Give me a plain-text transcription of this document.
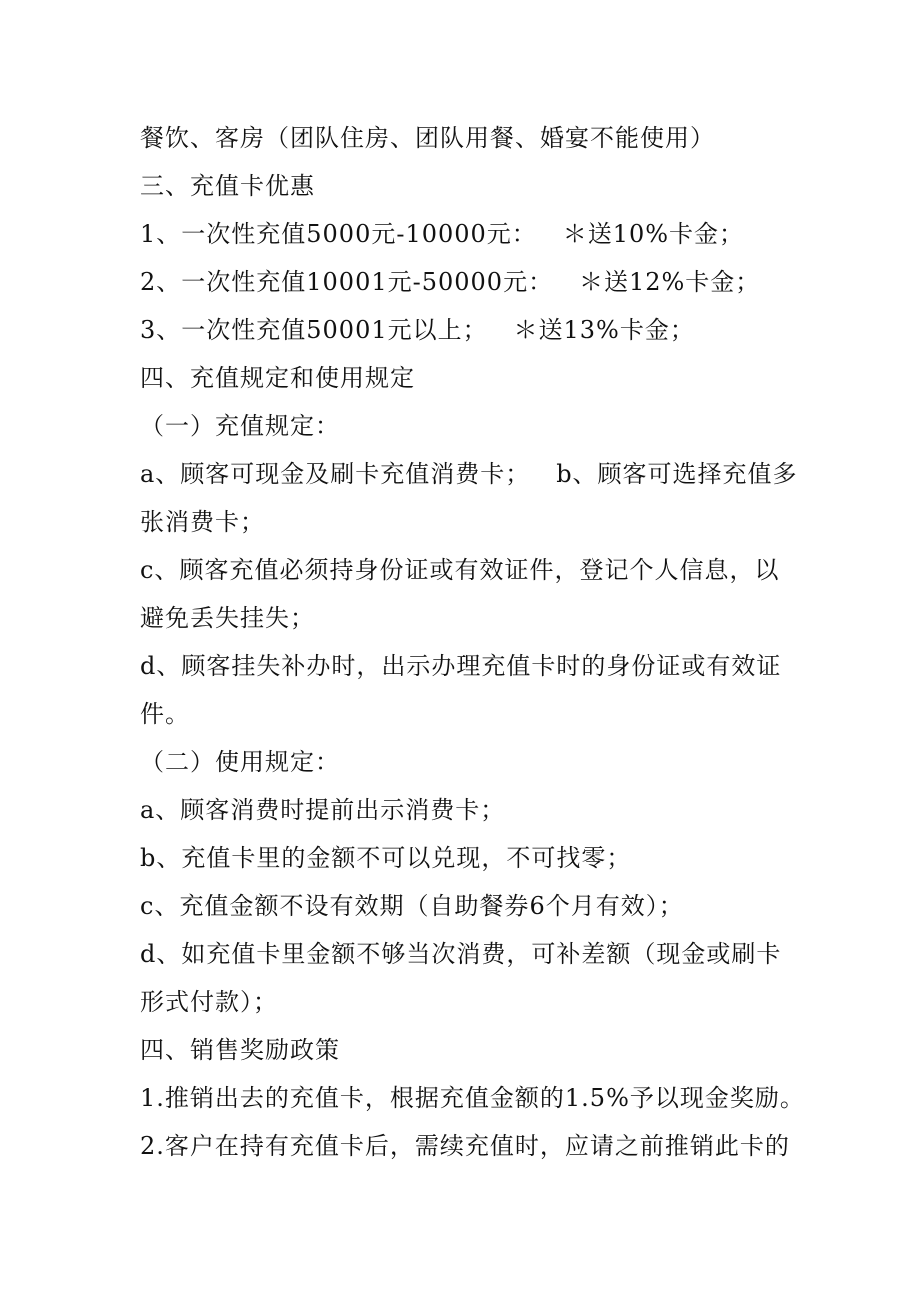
餐饮、客房（团队住房、团队用餐、婚宴不能使用）
三、充值卡优惠
1、一次性充值5000元-10000元：   ＊送10%卡金；
2、一次性充值10001元-50000元：   ＊送12%卡金；
3、一次性充值50001元以上；   ＊送13%卡金；
四、充值规定和使用规定
（一）充值规定：
a、顾客可现金及刷卡充值消费卡；   b、顾客可选择充值多
张消费卡；
c、顾客充值必须持身份证或有效证件，登记个人信息，以
避免丢失挂失；
d、顾客挂失补办时，出示办理充值卡时的身份证或有效证
件。
（二）使用规定：
a、顾客消费时提前出示消费卡；
b、充值卡里的金额不可以兑现，不可找零；
c、充值金额不设有效期（自助餐券6个月有效）；
d、如充值卡里金额不够当次消费，可补差额（现金或刷卡
形式付款）；
四、销售奖励政策
1.推销出去的充值卡，根据充值金额的1.5%予以现金奖励。
2.客户在持有充值卡后，需续充值时，应请之前推销此卡的
